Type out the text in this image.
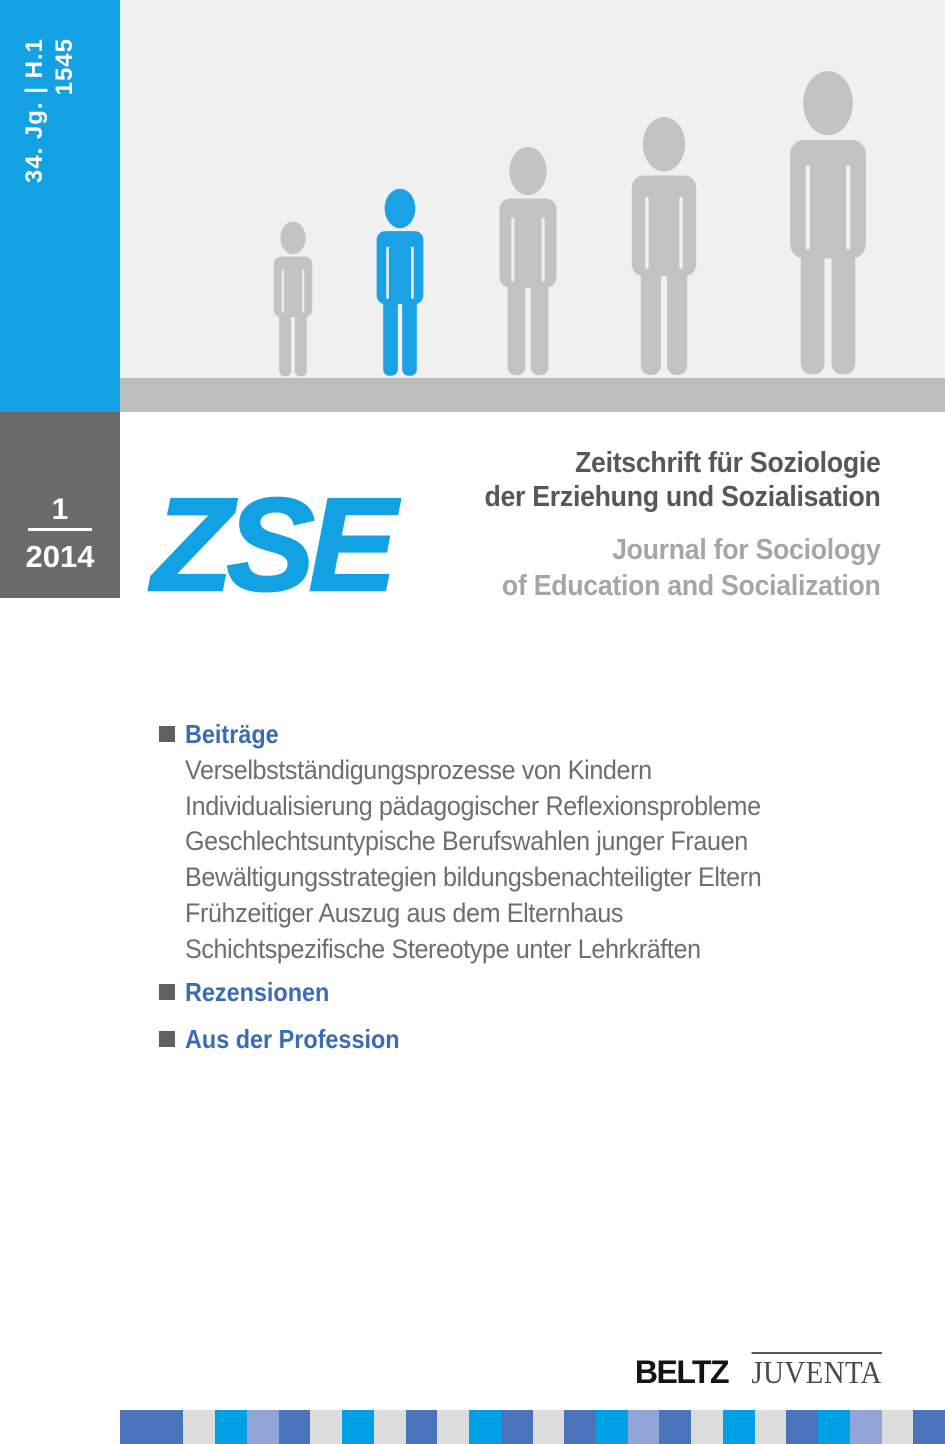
34. Jg. | H.1 1545
1
2014 ZSE
Zeitschrift für Soziologie
der Erziehung und Sozialisation
Journal for Sociology
of Education and Socialization
Beiträge
Verselbstständigungsprozesse von Kindern
Individualisierung pädagogischer Reflexionsprobleme
Geschlechtsuntypische Berufswahlen junger Frauen
Bewältigungsstrategien bildungsbenachteiligter Eltern
Frühzeitiger Auszug aus dem Elternhaus
Schichtspezifische Stereotype unter Lehrkräften
Rezensionen
Aus der Profession
BELTZ JUVENTA
